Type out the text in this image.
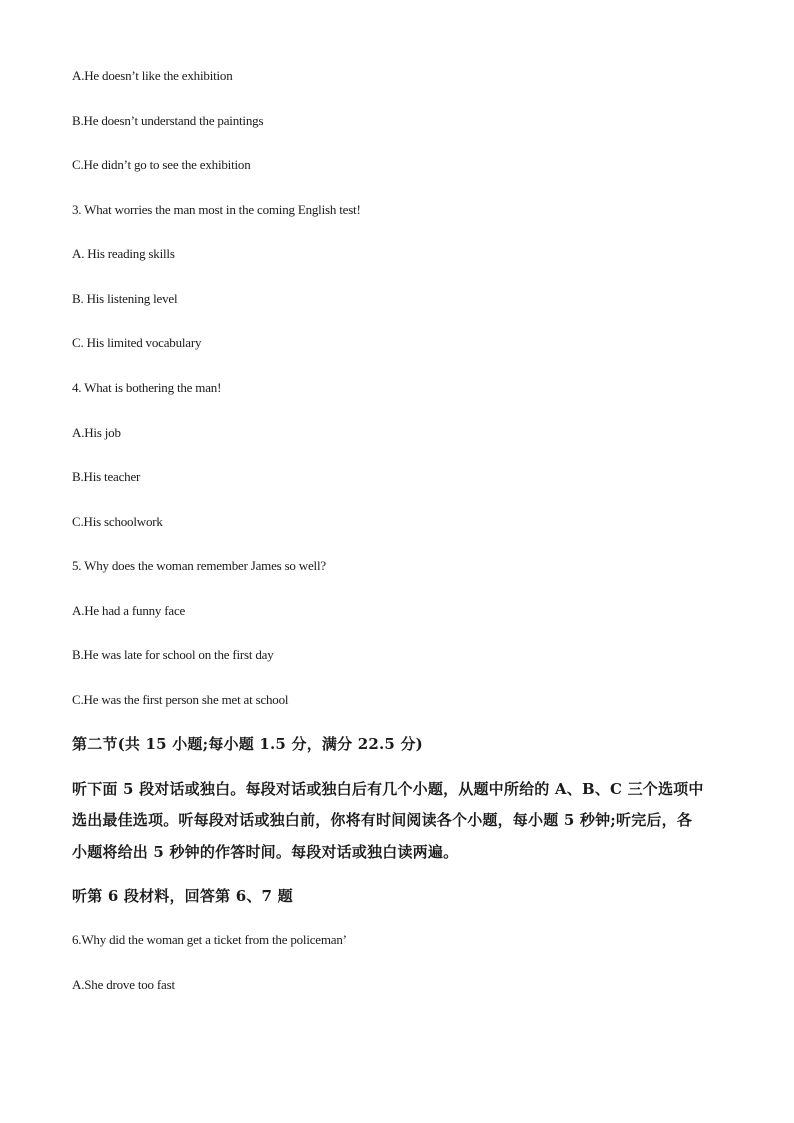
A.He doesn’t like the exhibition
B.He doesn’t understand the paintings
C.He didn’t go to see the exhibition
3. What worries the man most in the coming English test!
A. His reading skills
B. His listening level
C. His limited vocabulary
4. What is bothering the man!
A.His job
B.His teacher
C.His schoolwork
5. Why does the woman remember James so well?
A.He had a funny face
B.He was late for school on the first day
C.He was the first person she met at school
第二节(共 15 小题;每小题 1.5 分，满分 22.5 分)
听下面 5 段对话或独白。每段对话或独白后有几个小题，从题中所给的 A、B、C 三个选项中
选出最佳选项。听每段对话或独白前，你将有时间阅读各个小题，每小题 5 秒钟;听完后，各
小题将给出 5 秒钟的作答时间。每段对话或独白读两遍。
听第 6 段材料，回答第 6、7 题
6.Why did the woman get a ticket from the policeman’
A.She drove too fast
